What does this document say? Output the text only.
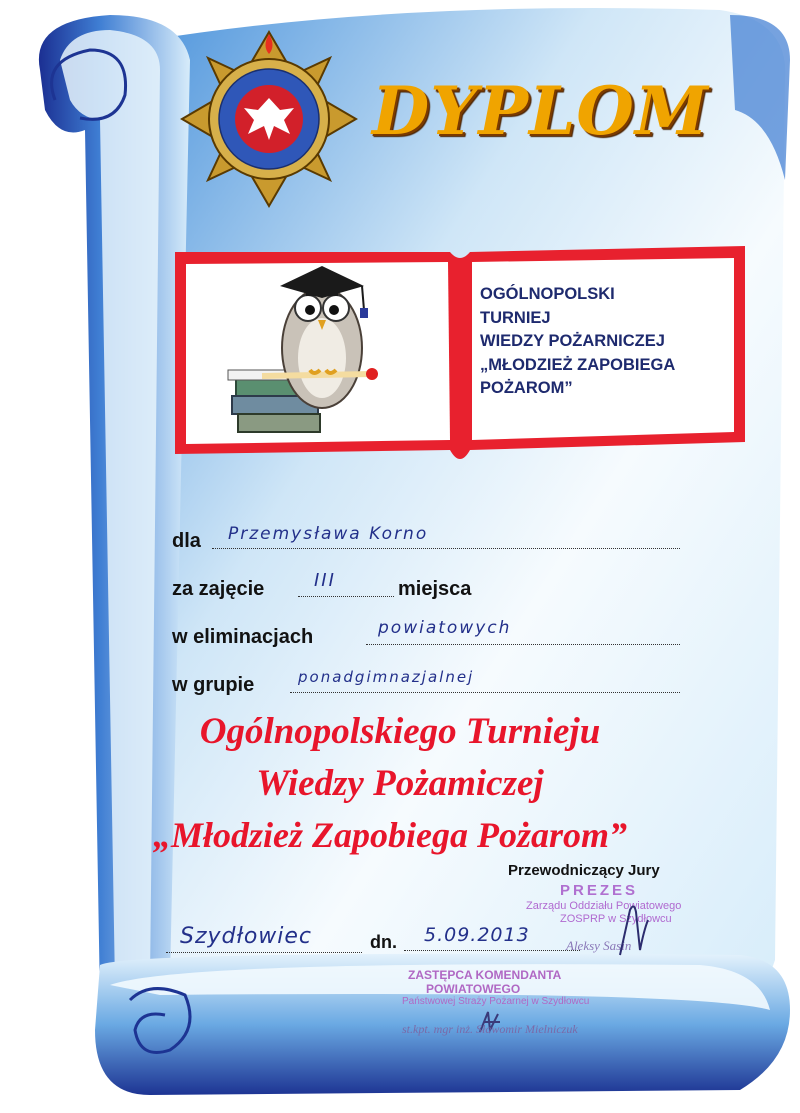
DYPLOM
OGÓLNOPOLSKI
TURNIEJ
WIEDZY POŻARNICZEJ
„MŁODZIEŻ ZAPOBIEGA
POŻAROM”
dla Przemysława Korno
za zajęcie	III	miejsca
w eliminacjach	powiatowych
w grupie	ponadgimnazjalnej
Ogólnopolskiego Turnieju
Wiedzy Pożamiczej
„Młodzież Zapobiega Pożarom”
Przewodniczący Jury
PREZES
Zarządu Oddziału Powiatowego
ZOSPRP w Szydłowcu
Aleksy Sasin
Szydłowiec	dn. 5.09.2013
ZASTĘPCA KOMENDANTA
POWIATOWEGO
Państwowej Straży Pożarnej w Szydłowcu
st.kpt. mgr inż. Sławomir Mielniczuk
